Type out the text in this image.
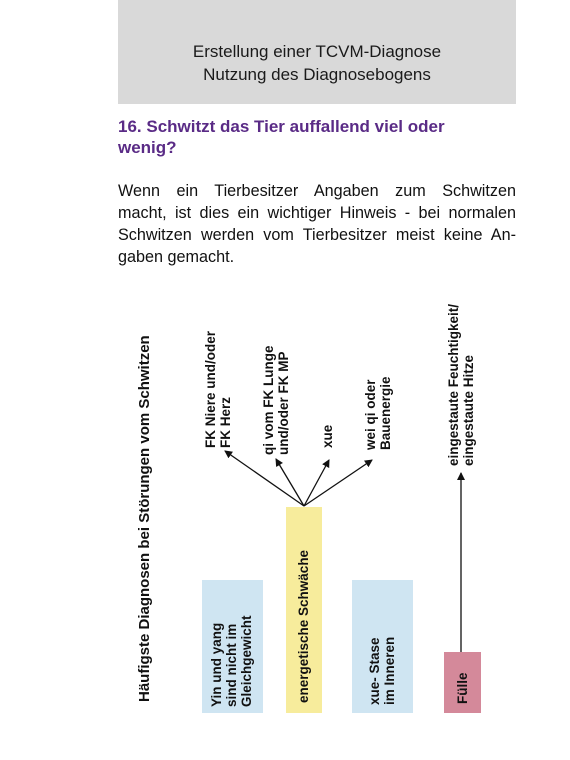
Erstellung einer TCVM-Diagnose
Nutzung des Diagnosebogens
16. Schwitzt das Tier auffallend viel oder
wenig?
Wenn ein Tierbesitzer Angaben zum Schwitzen
macht, ist dies ein wichtiger Hinweis - bei normalen
Schwitzen werden vom Tierbesitzer meist keine An-
gaben gemacht.
Häufigste Diagnosen bei Störungen vom Schwitzen	FK Niere und/oder FK Herz qi vom FK Lunge und/oder FK MP xue wei qi oder Bauenergie	eingestaute Feuchtigkeit/ eingestaute Hitze
Yin und yang sind nicht im Gleichgewicht	energetische Schwäche	xue- Stase im Inneren	Fülle
